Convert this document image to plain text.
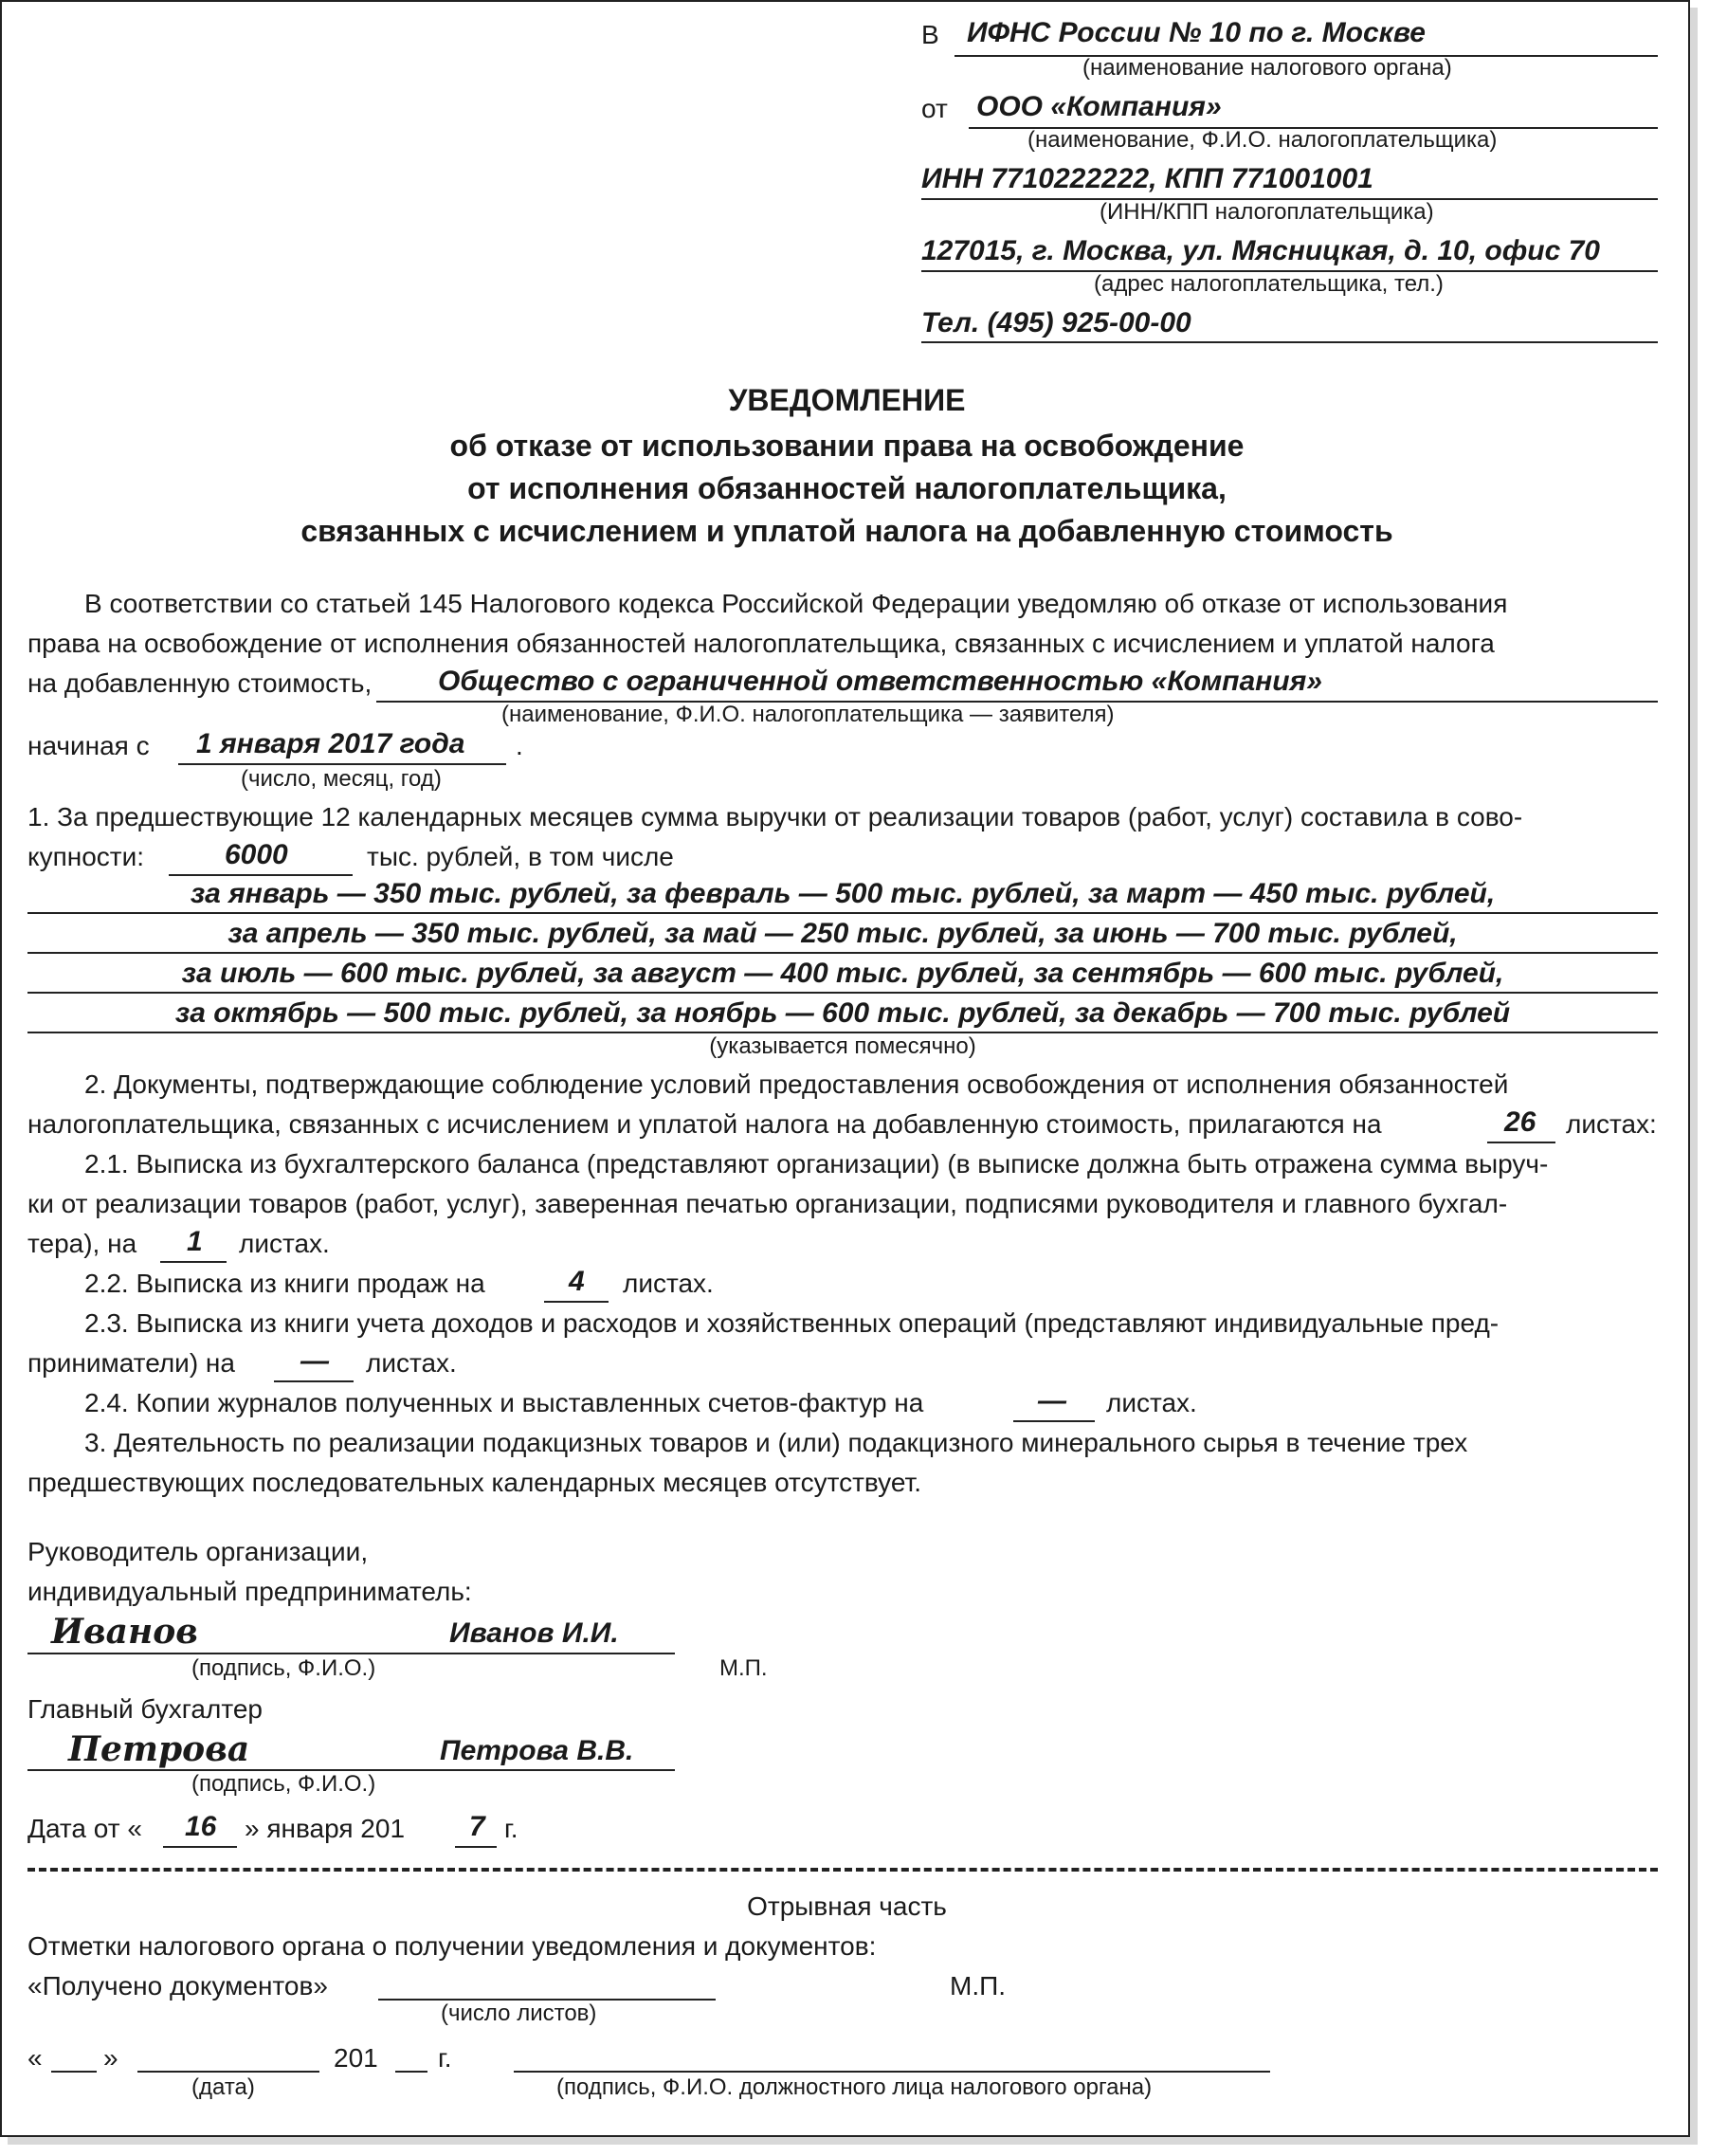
В ИФНС России № 10 по г. Москве
(наименование налогового органа)
от ООО «Компания»
(наименование, Ф.И.О. налогоплательщика)
ИНН 7710222222, КПП 771001001
(ИНН/КПП налогоплательщика)
127015, г. Москва, ул. Мясницкая, д. 10, офис 70
(адрес налогоплательщика, тел.)
Тел. (495) 925-00-00
УВЕДОМЛЕНИЕ
об отказе от использовании права на освобождение
от исполнения обязанностей налогоплательщика,
связанных с исчислением и уплатой налога на добавленную стоимость
В соответствии со статьей 145 Налогового кодекса Российской Федерации уведомляю об отказе от использования
права на освобождение от исполнения обязанностей налогоплательщика, связанных с исчислением и уплатой налога
на добавленную стоимость, Общество с ограниченной ответственностью «Компания»
(наименование, Ф.И.О. налогоплательщика — заявителя)
начиная с 1 января 2017 года .
(число, месяц, год)
1. За предшествующие 12 календарных месяцев сумма выручки от реализации товаров (работ, услуг) составила в сово-
купности:	6000	тыс. рублей, в том числе
за январь — 350 тыс. рублей, за февраль — 500 тыс. рублей, за март — 450 тыс. рублей,
за апрель — 350 тыс. рублей, за май — 250 тыс. рублей, за июнь — 700 тыс. рублей,
за июль — 600 тыс. рублей, за август — 400 тыс. рублей, за сентябрь — 600 тыс. рублей,
за октябрь — 500 тыс. рублей, за ноябрь — 600 тыс. рублей, за декабрь — 700 тыс. рублей
(указывается помесячно)
2. Документы, подтверждающие соблюдение условий предоставления освобождения от исполнения обязанностей
налогоплательщика, связанных с исчислением и уплатой налога на добавленную стоимость, прилагаются на	26 листах:
2.1. Выписка из бухгалтерского баланса (представляют организации) (в выписке должна быть отражена сумма выруч-
ки от реализации товаров (работ, услуг), заверенная печатью организации, подписями руководителя и главного бухгал-
тера), на 1 листах.
2.2. Выписка из книги продаж на	4 листах.
2.3. Выписка из книги учета доходов и расходов и хозяйственных операций (представляют индивидуальные пред-
приниматели) на — листах.
2.4. Копии журналов полученных и выставленных счетов-фактур на	— листах.
3. Деятельность по реализации подакцизных товаров и (или) подакцизного минерального сырья в течение трех
предшествующих последовательных календарных месяцев отсутствует.
Руководитель организации,
индивидуальный предприниматель:
Иванов	Иванов И.И.
(подпись, Ф.И.О.)	М.П.
Главный бухгалтер
Петрова	Петрова В.В.
(подпись, Ф.И.О.)
Дата от « 16 » января 201 7 г.
Отрывная часть
Отметки налогового органа о получении уведомления и документов:
«Получено документов»	М.П.
(число листов)
« »	201 г.
(дата)	(подпись, Ф.И.О. должностного лица налогового органа)
